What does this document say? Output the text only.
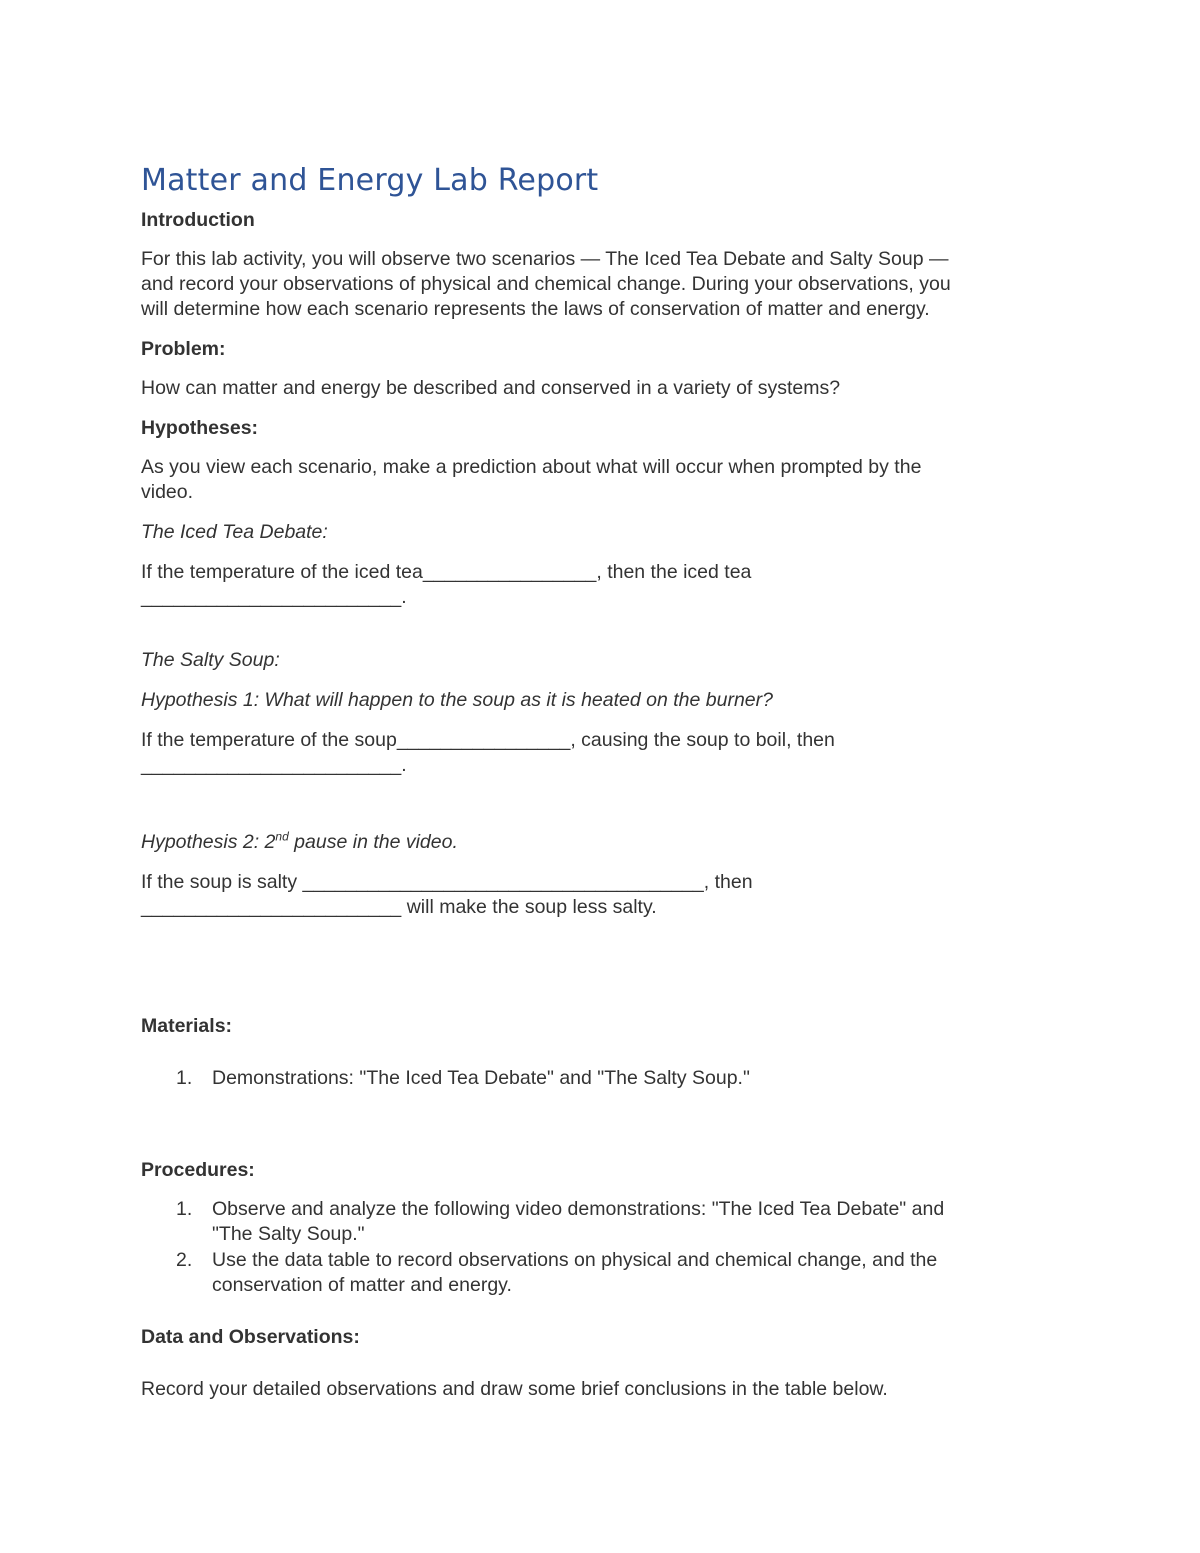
Matter and Energy Lab Report
Introduction
For this lab activity, you will observe two scenarios — The Iced Tea Debate and Salty Soup —
and record your observations of physical and chemical change. During your observations, you
will determine how each scenario represents the laws of conservation of matter and energy.
Problem:
How can matter and energy be described and conserved in a variety of systems?
Hypotheses:
As you view each scenario, make a prediction about what will occur when prompted by the
video.
The Iced Tea Debate:
If the temperature of the iced tea________________, then the iced tea
________________________.
The Salty Soup:
Hypothesis 1: What will happen to the soup as it is heated on the burner?
If the temperature of the soup________________, causing the soup to boil, then
________________________.
Hypothesis 2: 2nd pause in the video.
If the soup is salty _____________________________________, then
________________________ will make the soup less salty.
Materials:
1.	Demonstrations: "The Iced Tea Debate" and "The Salty Soup."
Procedures:
1.	Observe and analyze the following video demonstrations: "The Iced Tea Debate" and
"The Salty Soup."
2.	Use the data table to record observations on physical and chemical change, and the
conservation of matter and energy.
Data and Observations:
Record your detailed observations and draw some brief conclusions in the table below.
